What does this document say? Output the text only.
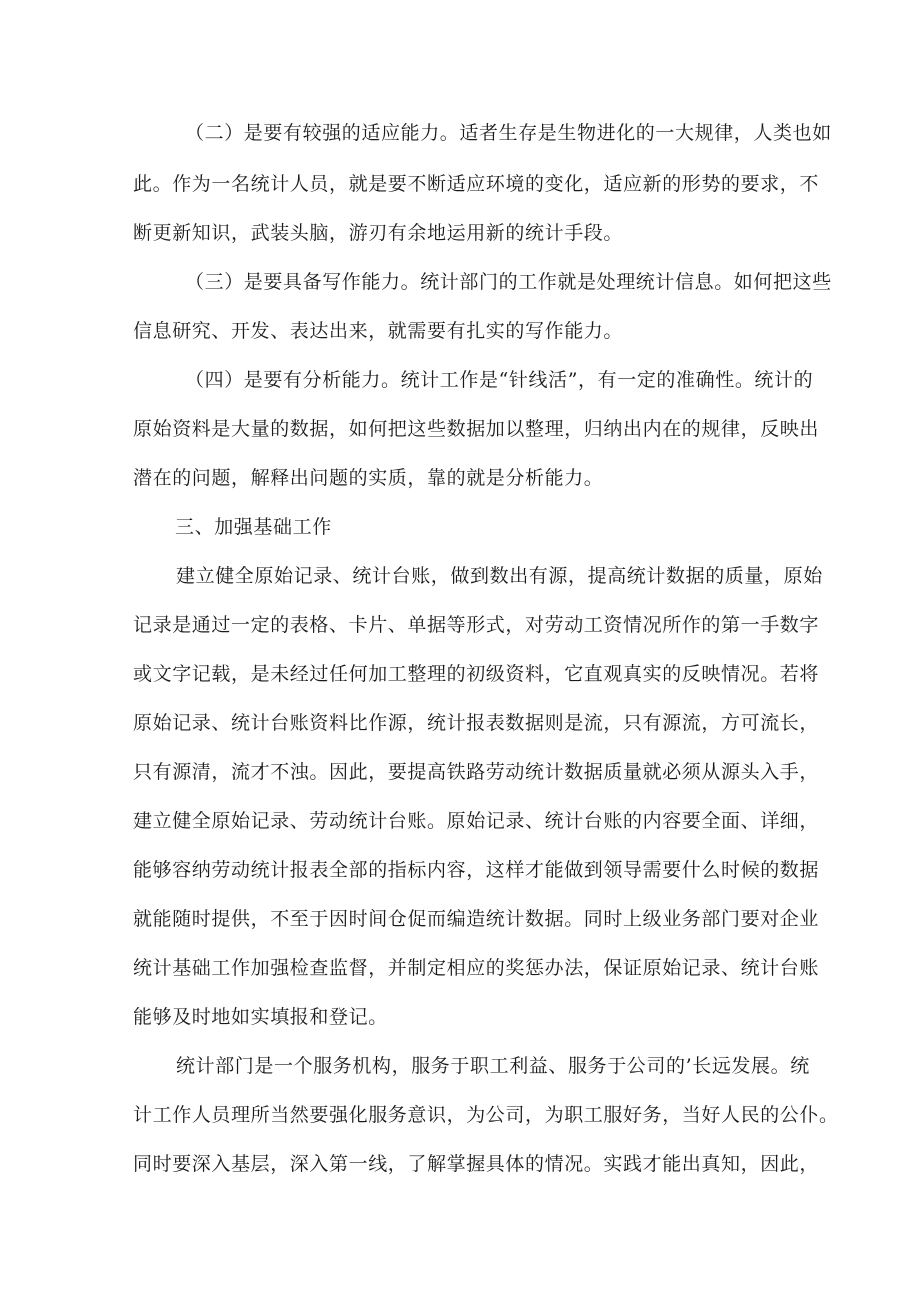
（二）是要有较强的适应能力。适者生存是生物进化的一大规律，人类也如
此。作为一名统计人员，就是要不断适应环境的变化，适应新的形势的要求，不
断更新知识，武装头脑，游刃有余地运用新的统计手段。
（三）是要具备写作能力。统计部门的工作就是处理统计信息。如何把这些
信息研究、开发、表达出来，就需要有扎实的写作能力。
（四）是要有分析能力。统计工作是“针线活”，有一定的准确性。统计的
原始资料是大量的数据，如何把这些数据加以整理，归纳出内在的规律，反映出
潜在的问题，解释出问题的实质，靠的就是分析能力。
三、加强基础工作
建立健全原始记录、统计台账，做到数出有源，提高统计数据的质量，原始
记录是通过一定的表格、卡片、单据等形式，对劳动工资情况所作的第一手数字
或文字记载，是未经过任何加工整理的初级资料，它直观真实的反映情况。若将
原始记录、统计台账资料比作源，统计报表数据则是流，只有源流，方可流长，
只有源清，流才不浊。因此，要提高铁路劳动统计数据质量就必须从源头入手，
建立健全原始记录、劳动统计台账。原始记录、统计台账的内容要全面、详细，
能够容纳劳动统计报表全部的指标内容，这样才能做到领导需要什么时候的数据
就能随时提供，不至于因时间仓促而编造统计数据。同时上级业务部门要对企业
统计基础工作加强检查监督，并制定相应的奖惩办法，保证原始记录、统计台账
能够及时地如实填报和登记。
统计部门是一个服务机构，服务于职工利益、服务于公司的’长远发展。统
计工作人员理所当然要强化服务意识，为公司，为职工服好务，当好人民的公仆。
同时要深入基层，深入第一线，了解掌握具体的情况。实践才能出真知，因此，
